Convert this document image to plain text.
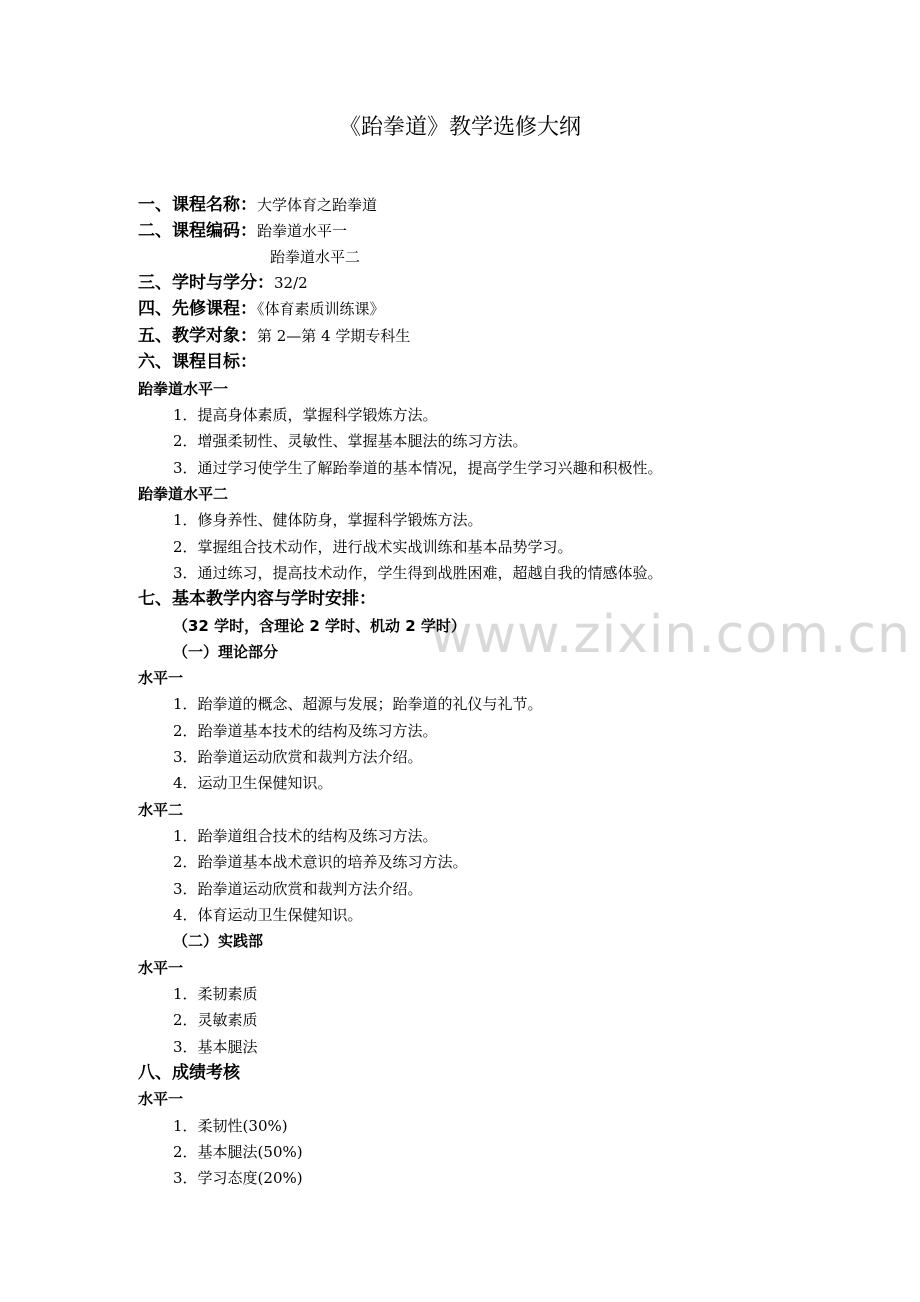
www.zixin.com.cn
《跆拳道》教学选修大纲
一、课程名称：大学体育之跆拳道
二、课程编码：跆拳道水平一
跆拳道水平二
三、学时与学分：32/2
四、先修课程：《体育素质训练课》
五、教学对象：第 2—第 4 学期专科生
六、课程目标：
跆拳道水平一
1．提高身体素质，掌握科学锻炼方法。
2．增强柔韧性、灵敏性、掌握基本腿法的练习方法。
3．通过学习使学生了解跆拳道的基本情况，提高学生学习兴趣和积极性。
跆拳道水平二
1．修身养性、健体防身，掌握科学锻炼方法。
2．掌握组合技术动作，进行战术实战训练和基本品势学习。
3．通过练习，提高技术动作，学生得到战胜困难，超越自我的情感体验。
七、基本教学内容与学时安排：
（32 学时，含理论 2 学时、机动 2 学时）
（一）理论部分
水平一
1．跆拳道的概念、超源与发展；跆拳道的礼仪与礼节。
2．跆拳道基本技术的结构及练习方法。
3．跆拳道运动欣赏和裁判方法介绍。
4．运动卫生保健知识。
水平二
1．跆拳道组合技术的结构及练习方法。
2．跆拳道基本战术意识的培养及练习方法。
3．跆拳道运动欣赏和裁判方法介绍。
4．体育运动卫生保健知识。
（二）实践部
水平一
1．柔韧素质
2．灵敏素质
3．基本腿法
八、成绩考核
水平一
1．柔韧性(30%)
2．基本腿法(50%)
3．学习态度(20%)
